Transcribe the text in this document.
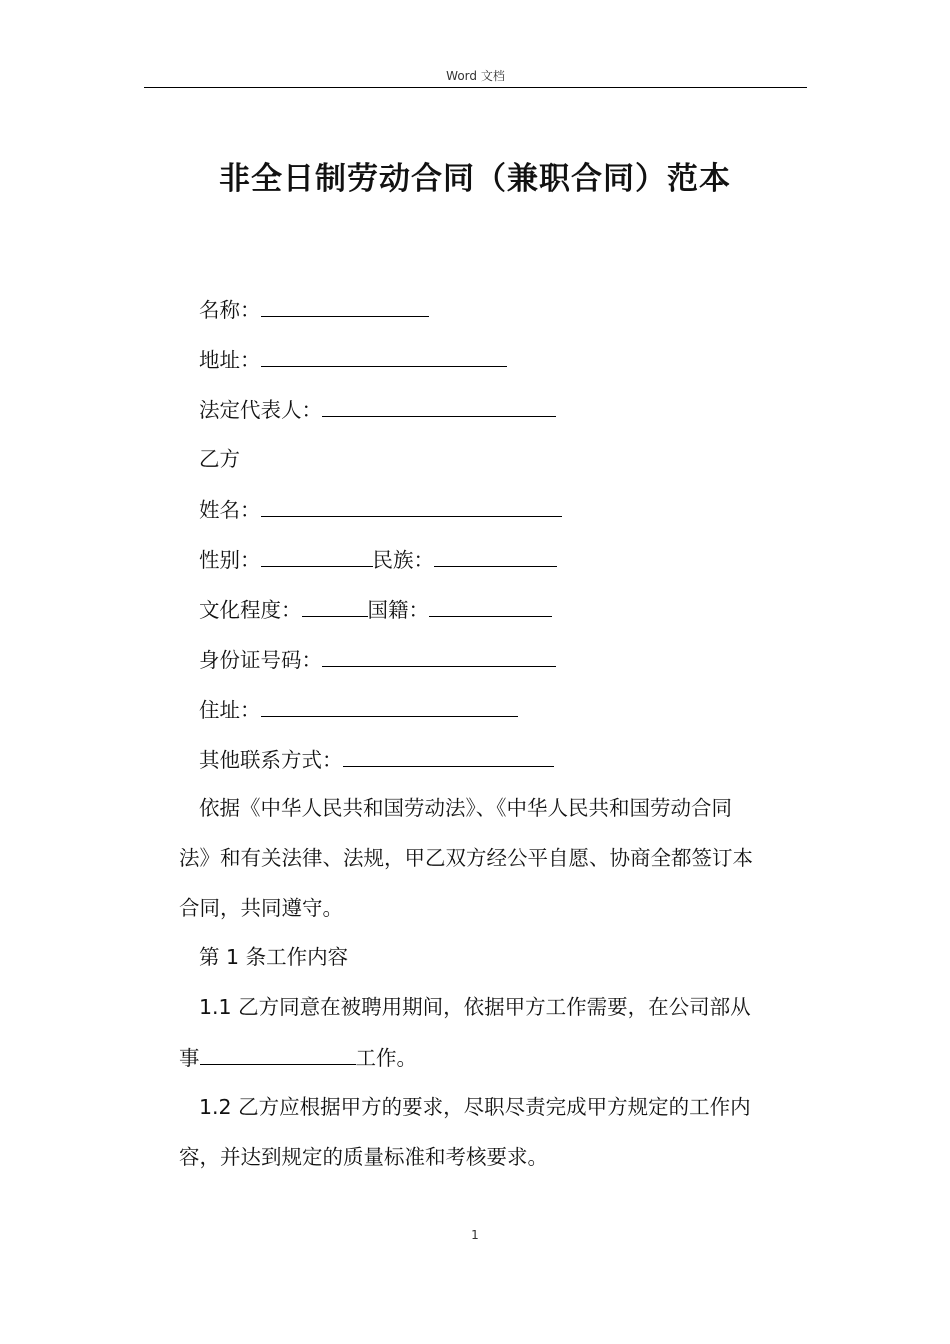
Word 文档
非全日制劳动合同（兼职合同）范本
名称：
地址：
法定代表人：
乙方
姓名：
性别：	民族：
文化程度：	国籍：
身份证号码：
住址：
其他联系方式：
依据《中华人民共和国劳动法》、《中华人民共和国劳动合同
法》和有关法律、法规，甲乙双方经公平自愿、协商全都签订本
合同，共同遵守。
第 1 条工作内容
1.1 乙方同意在被聘用期间，依据甲方工作需要，在公司部从
事	工作。
1.2 乙方应根据甲方的要求，尽职尽责完成甲方规定的工作内
容，并达到规定的质量标准和考核要求。
1
